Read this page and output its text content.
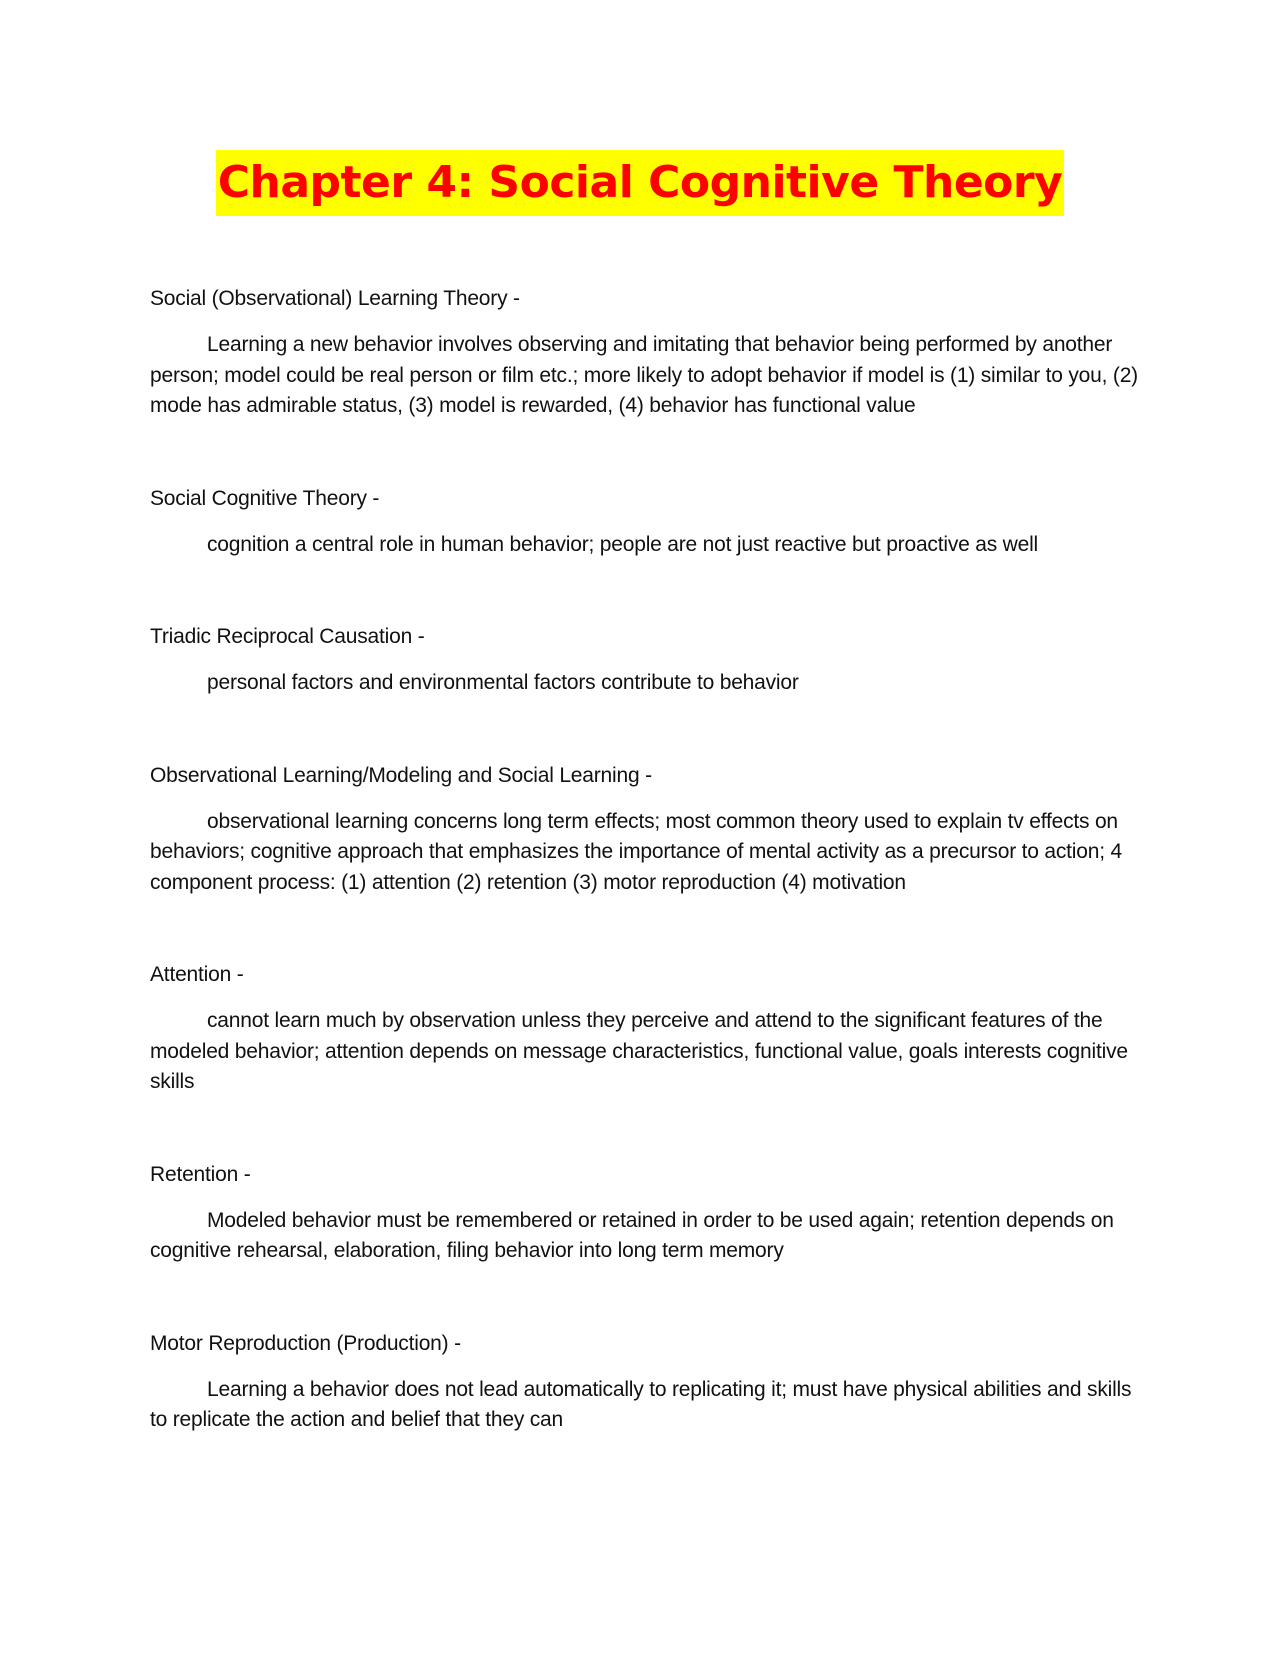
Chapter 4: Social Cognitive Theory

Social (Observational) Learning Theory -

Learning a new behavior involves observing and imitating that behavior being performed by another person; model could be real person or film etc.; more likely to adopt behavior if model is (1) similar to you, (2) mode has admirable status, (3) model is rewarded, (4) behavior has functional value

Social Cognitive Theory -

cognition a central role in human behavior; people are not just reactive but proactive as well

Triadic Reciprocal Causation -

personal factors and environmental factors contribute to behavior

Observational Learning/Modeling and Social Learning -

observational learning concerns long term effects; most common theory used to explain tv effects on behaviors; cognitive approach that emphasizes the importance of mental activity as a precursor to action; 4 component process: (1) attention (2) retention (3) motor reproduction (4) motivation

Attention -

cannot learn much by observation unless they perceive and attend to the significant features of the modeled behavior; attention depends on message characteristics, functional value, goals interests cognitive skills

Retention -

Modeled behavior must be remembered or retained in order to be used again; retention depends on cognitive rehearsal, elaboration, filing behavior into long term memory

Motor Reproduction (Production) -

Learning a behavior does not lead automatically to replicating it; must have physical abilities and skills to replicate the action and belief that they can
